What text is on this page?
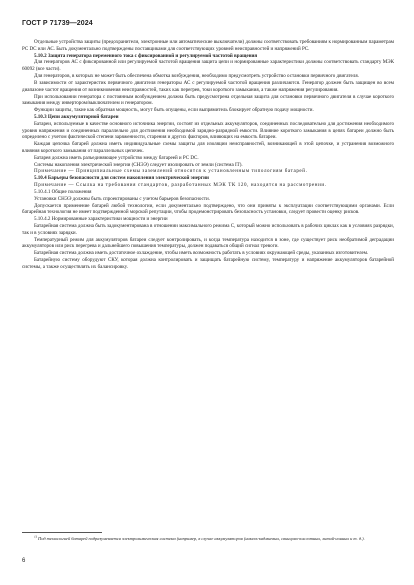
ГОСТ Р 71739—2024

Отдельные устройства защиты (предохранители, электронные или автоматические выключатели) должны соответствовать требованиям к нормированным параметрам РС DC или АС. Быть документально подтверждены поставщиками для соответствующих уровней неисправностей и напряжений РС.

5.10.2 Защита генератора переменного тока с фиксированной и регулируемой частотой вращения

Для генераторов АС с фиксированной или регулируемой частотой вращения защита цепи и нормированные характеристики должны соответствовать стандарту МЭК 60092 (все части).

Для генераторов, в которых не может быть обеспечена обмотка возбуждения, необходимо предусмотреть устройство остановки первичного двигателя.

В зависимости от характеристик первичного двигателя генераторы АС с регулируемой частотой вращения различаются. Генератор должен быть защищен во всем диапазоне частот вращения от возникновения неисправностей, таких как перегрев, токи короткого замыкания, а также напряжения регулирования.

При использовании генератора с постоянным возбуждением должна быть предусмотрена отдельная защита для остановки первичного двигателя в случае короткого замыкания между инвертором/выключателем и генератором.

Функции защиты, такие как обратная мощность, могут быть опущены, если выпрямитель блокирует обратную подачу мощности.

5.10.3 Цепи аккумуляторной батареи

Батареи, используемые в качестве основного источника энергии, состоят из отдельных аккумуляторов, соединенных последовательно для достижения необходимого уровня напряжения и соединенных параллельно для достижения необходимой зарядно-разрядной емкости. Влияние короткого замыкания в цепях батареи должно быть определено с учетом фактической степени заряженности, старения и других факторов, влияющих на емкость батареи.

Каждая цепочка батарей должна иметь индивидуальные схемы защиты для изоляции неисправностей, возникающей в этой цепочке, и устранения возможного влияния короткого замыкания от параллельных цепочек.

Батарея должна иметь разъединяющее устройство между батареей и РС DC.

Системы накопления электрической энергии (СНЭЭ) следует изолировать от земли (система IT).

Примечание — Принципиальные схемы заземлений относятся к установленным типологиям батарей.

5.10.4 Барьеры безопасности для систем накопления электрической энергии

Примечание — Ссылка на требования стандартов, разработанных МЭК ТК 120, находятся на рассмотрении.

5.10.4.1 Общие положения

Установки СНЭЭ должны быть спроектированы с учетом барьеров безопасности.

Допускается применение батарей любой технологии, если документально подтверждено, что они приняты к эксплуатации соответствующими органами. Если батарейная технология не имеет подтвержденной морской репутации, чтобы продемонстрировать безопасность установки, следует провести оценку рисков.

5.10.4.2 Нормированные характеристики мощности и энергии

Батарейная система должна быть задокументирована в отношении максимального режима С, который можно использовать в рабочих циклах как в условиях разрядки, так и в условиях зарядки.

Температурный режим для аккумуляторов батареи следует контролировать, и когда температура находится в зоне, где существует риск необратимой деградации аккумуляторов или риск перегрева и дальнейшего повышения температуры, должен подаваться общий сигнал тревоги.

Батарейная система должна иметь достаточное охлаждение, чтобы иметь возможность работать в условиях окружающей среды, указанных изготовителем.

Батарейную систему оборудуют СКУ, которая должна контролировать и защищать батарейную систему, температуру и напряжение аккумуляторов батарейной системы, а также осуществлять их балансировку.

$^{1)}$ Под технологией батарей подразумевается электрохимическая система (например, в случае аккумуляторов (никель-кадмиевых, свинцово-кислотных, литий-ионных и т. д.).
6
